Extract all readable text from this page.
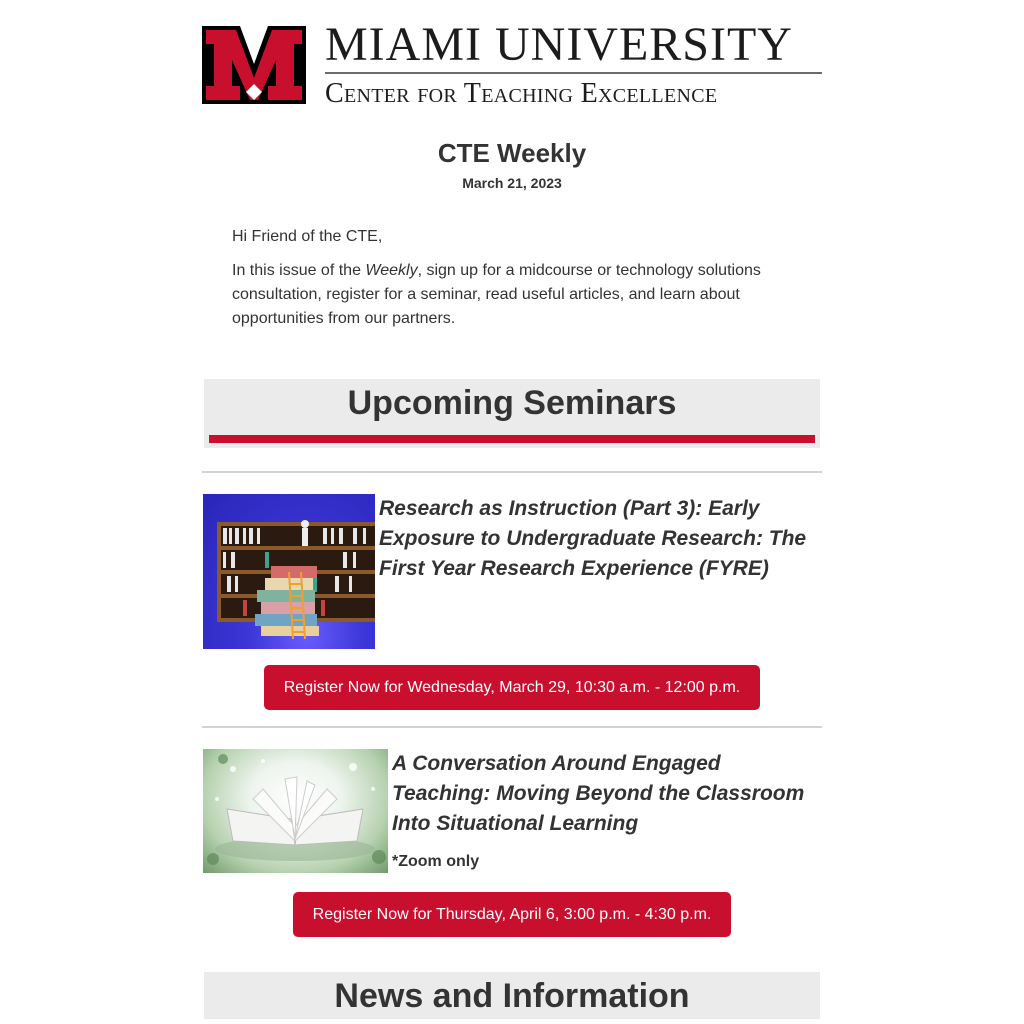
MIAMI UNIVERSITY
Center for Teaching Excellence
CTE Weekly
March 21, 2023

Hi Friend of the CTE,

In this issue of the Weekly, sign up for a midcourse or technology solutions consultation, register for a seminar, read useful articles, and learn about opportunities from our partners.

Upcoming Seminars
Research as Instruction (Part 3): Early Exposure to Undergraduate Research: The First Year Research Experience (FYRE)
Register Now for Wednesday, March 29, 10:30 a.m. - 12:00 p.m.
A Conversation Around Engaged Teaching: Moving Beyond the Classroom Into Situational Learning
*Zoom only
Register Now for Thursday, April 6, 3:00 p.m. - 4:30 p.m.
News and Information
